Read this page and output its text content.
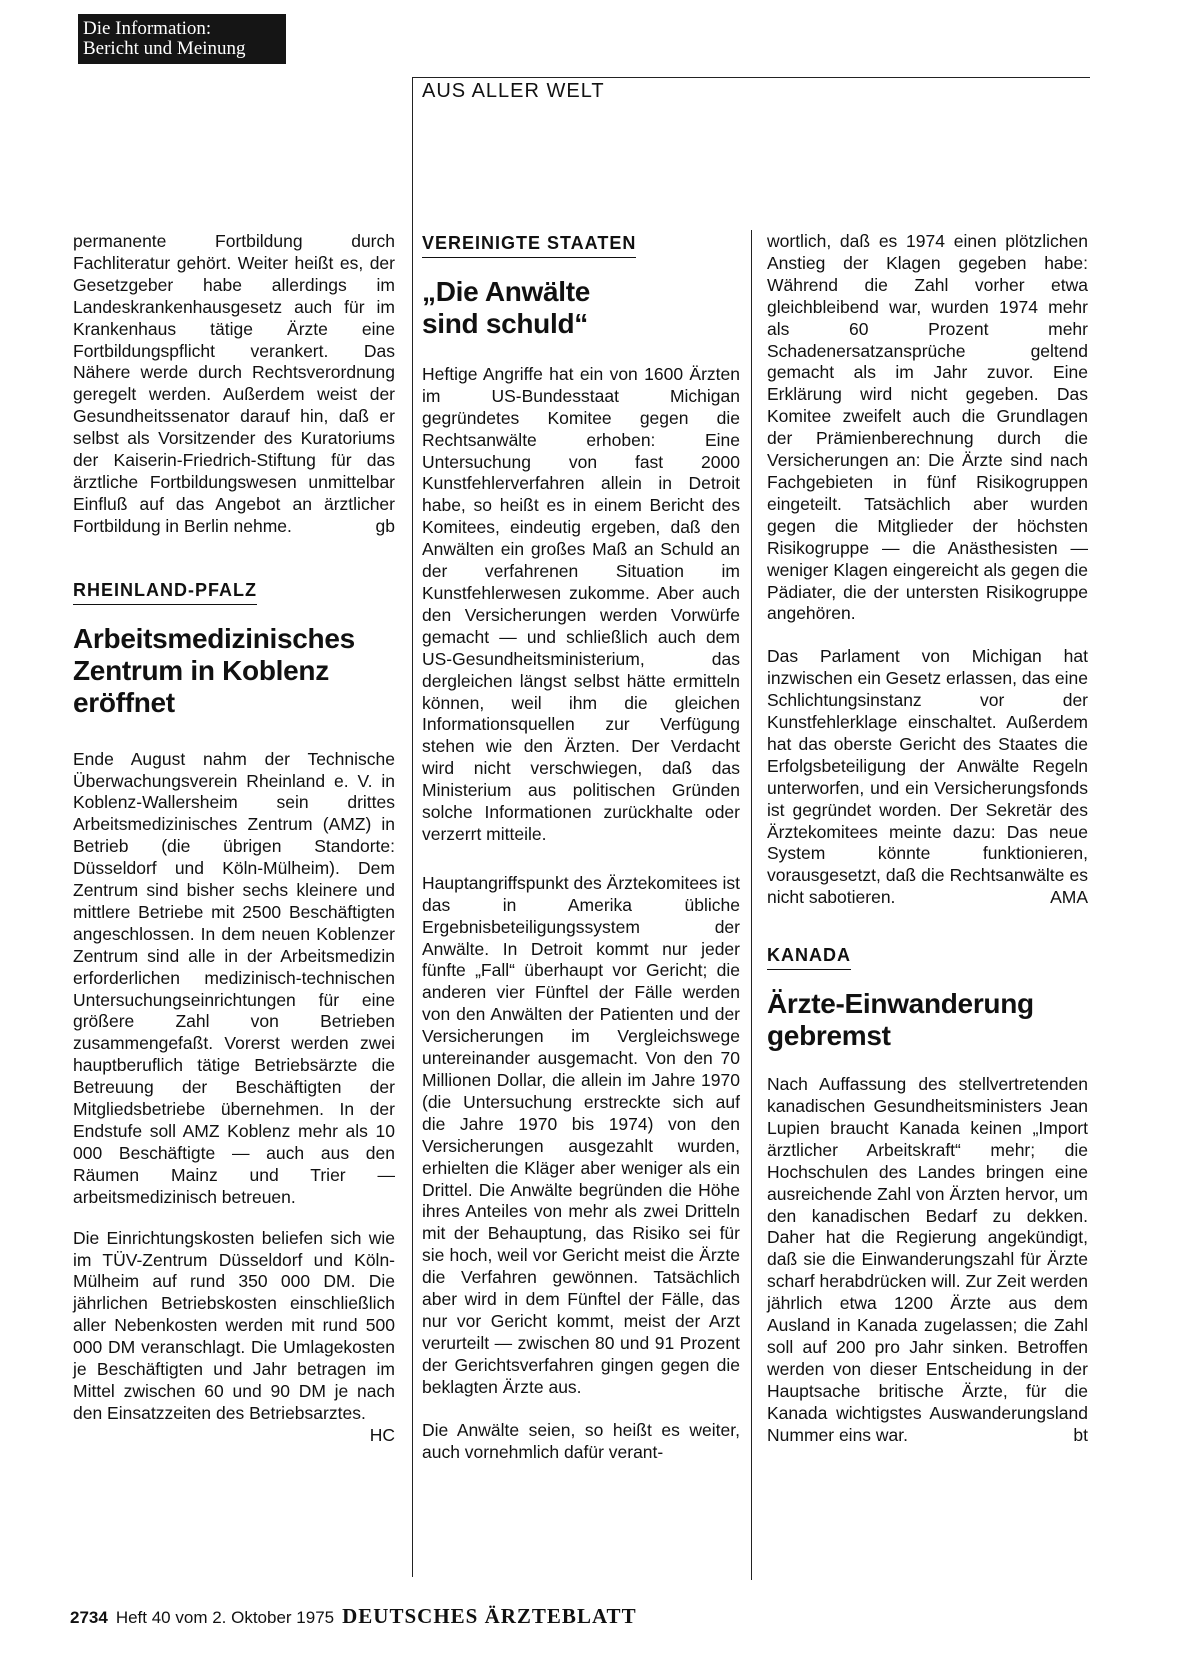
Die Information:
Bericht und Meinung
AUS ALLER WELT

permanente Fortbildung durch Fachliteratur gehört. Weiter heißt es, der Gesetzgeber habe allerdings im Landeskrankenhausgesetz auch für im Krankenhaus tätige Ärzte eine Fortbildungspflicht verankert. Das Nähere werde durch Rechtsverordnung geregelt werden. Außerdem weist der Gesundheitssenator darauf hin, daß er selbst als Vorsitzender des Kuratoriums der Kaiserin-Friedrich-Stiftung für das ärztliche Fortbildungswesen unmittelbar Einfluß auf das Angebot an ärztlicher Fortbildung in Berlin nehme.	gb

RHEINLAND-PFALZ
Arbeitsmedizinisches Zentrum in Koblenz eröffnet

Ende August nahm der Technische Überwachungsverein Rheinland e. V. in Koblenz-Wallersheim sein drittes Arbeitsmedizinisches Zentrum (AMZ) in Betrieb (die übrigen Standorte: Düsseldorf und Köln-Mülheim). Dem Zentrum sind bisher sechs kleinere und mittlere Betriebe mit 2500 Beschäftigten angeschlossen. In dem neuen Koblenzer Zentrum sind alle in der Arbeitsmedizin erforderlichen medizinisch-technischen Untersuchungseinrichtungen für eine größere Zahl von Betrieben zusammengefaßt. Vorerst werden zwei hauptberuflich tätige Betriebsärzte die Betreuung der Beschäftigten der Mitgliedsbetriebe übernehmen. In der Endstufe soll AMZ Koblenz mehr als 10 000 Beschäftigte — auch aus den Räumen Mainz und Trier — arbeitsmedizinisch betreuen.

Die Einrichtungskosten beliefen sich wie im TÜV-Zentrum Düsseldorf und Köln-Mülheim auf rund 350 000 DM. Die jährlichen Betriebskosten einschließlich aller Nebenkosten werden mit rund 500 000 DM veranschlagt. Die Umlagekosten je Beschäftigten und Jahr betragen im Mittel zwischen 60 und 90 DM je nach den Einsatzzeiten des Betriebsarztes.
HC

VEREINIGTE STAATEN
„Die Anwälte sind schuld“

Heftige Angriffe hat ein von 1600 Ärzten im US-Bundesstaat Michigan gegründetes Komitee gegen die Rechtsanwälte erhoben: Eine Untersuchung von fast 2000 Kunstfehlerverfahren allein in Detroit habe, so heißt es in einem Bericht des Komitees, eindeutig ergeben, daß den Anwälten ein großes Maß an Schuld an der verfahrenen Situation im Kunstfehlerwesen zukomme. Aber auch den Versicherungen werden Vorwürfe gemacht — und schließlich auch dem US-Gesundheitsministerium, das dergleichen längst selbst hätte ermitteln können, weil ihm die gleichen Informationsquellen zur Verfügung stehen wie den Ärzten. Der Verdacht wird nicht verschwiegen, daß das Ministerium aus politischen Gründen solche Informationen zurückhalte oder verzerrt mitteile.

Hauptangriffspunkt des Ärztekomitees ist das in Amerika übliche Ergebnisbeteiligungssystem der Anwälte. In Detroit kommt nur jeder fünfte „Fall“ überhaupt vor Gericht; die anderen vier Fünftel der Fälle werden von den Anwälten der Patienten und der Versicherungen im Vergleichswege untereinander ausgemacht. Von den 70 Millionen Dollar, die allein im Jahre 1970 (die Untersuchung erstreckte sich auf die Jahre 1970 bis 1974) von den Versicherungen ausgezahlt wurden, erhielten die Kläger aber weniger als ein Drittel. Die Anwälte begründen die Höhe ihres Anteiles von mehr als zwei Dritteln mit der Behauptung, das Risiko sei für sie hoch, weil vor Gericht meist die Ärzte die Verfahren gewönnen. Tatsächlich aber wird in dem Fünftel der Fälle, das nur vor Gericht kommt, meist der Arzt verurteilt — zwischen 80 und 91 Prozent der Gerichtsverfahren gingen gegen die beklagten Ärzte aus.

Die Anwälte seien, so heißt es weiter, auch vornehmlich dafür verant-

wortlich, daß es 1974 einen plötzlichen Anstieg der Klagen gegeben habe: Während die Zahl vorher etwa gleichbleibend war, wurden 1974 mehr als 60 Prozent mehr Schadenersatzansprüche geltend gemacht als im Jahr zuvor. Eine Erklärung wird nicht gegeben. Das Komitee zweifelt auch die Grundlagen der Prämienberechnung durch die Versicherungen an: Die Ärzte sind nach Fachgebieten in fünf Risikogruppen eingeteilt. Tatsächlich aber wurden gegen die Mitglieder der höchsten Risikogruppe — die Anästhesisten — weniger Klagen eingereicht als gegen die Pädiater, die der untersten Risikogruppe angehören.

Das Parlament von Michigan hat inzwischen ein Gesetz erlassen, das eine Schlichtungsinstanz vor der Kunstfehlerklage einschaltet. Außerdem hat das oberste Gericht des Staates die Erfolgsbeteiligung der Anwälte Regeln unterworfen, und ein Versicherungsfonds ist gegründet worden. Der Sekretär des Ärztekomitees meinte dazu: Das neue System könnte funktionieren, vorausgesetzt, daß die Rechtsanwälte es nicht sabotieren.	AMA

KANADA
Ärzte-Einwanderung gebremst

Nach Auffassung des stellvertretenden kanadischen Gesundheitsministers Jean Lupien braucht Kanada keinen „Import ärztlicher Arbeitskraft“ mehr; die Hochschulen des Landes bringen eine ausreichende Zahl von Ärzten hervor, um den kanadischen Bedarf zu dekken. Daher hat die Regierung angekündigt, daß sie die Einwanderungszahl für Ärzte scharf herabdrücken will. Zur Zeit werden jährlich etwa 1200 Ärzte aus dem Ausland in Kanada zugelassen; die Zahl soll auf 200 pro Jahr sinken. Betroffen werden von dieser Entscheidung in der Hauptsache britische Ärzte, für die Kanada wichtigstes Auswanderungsland Nummer eins war.	bt

2734 Heft 40 vom 2. Oktober 1975 DEUTSCHES ÄRZTEBLATT
